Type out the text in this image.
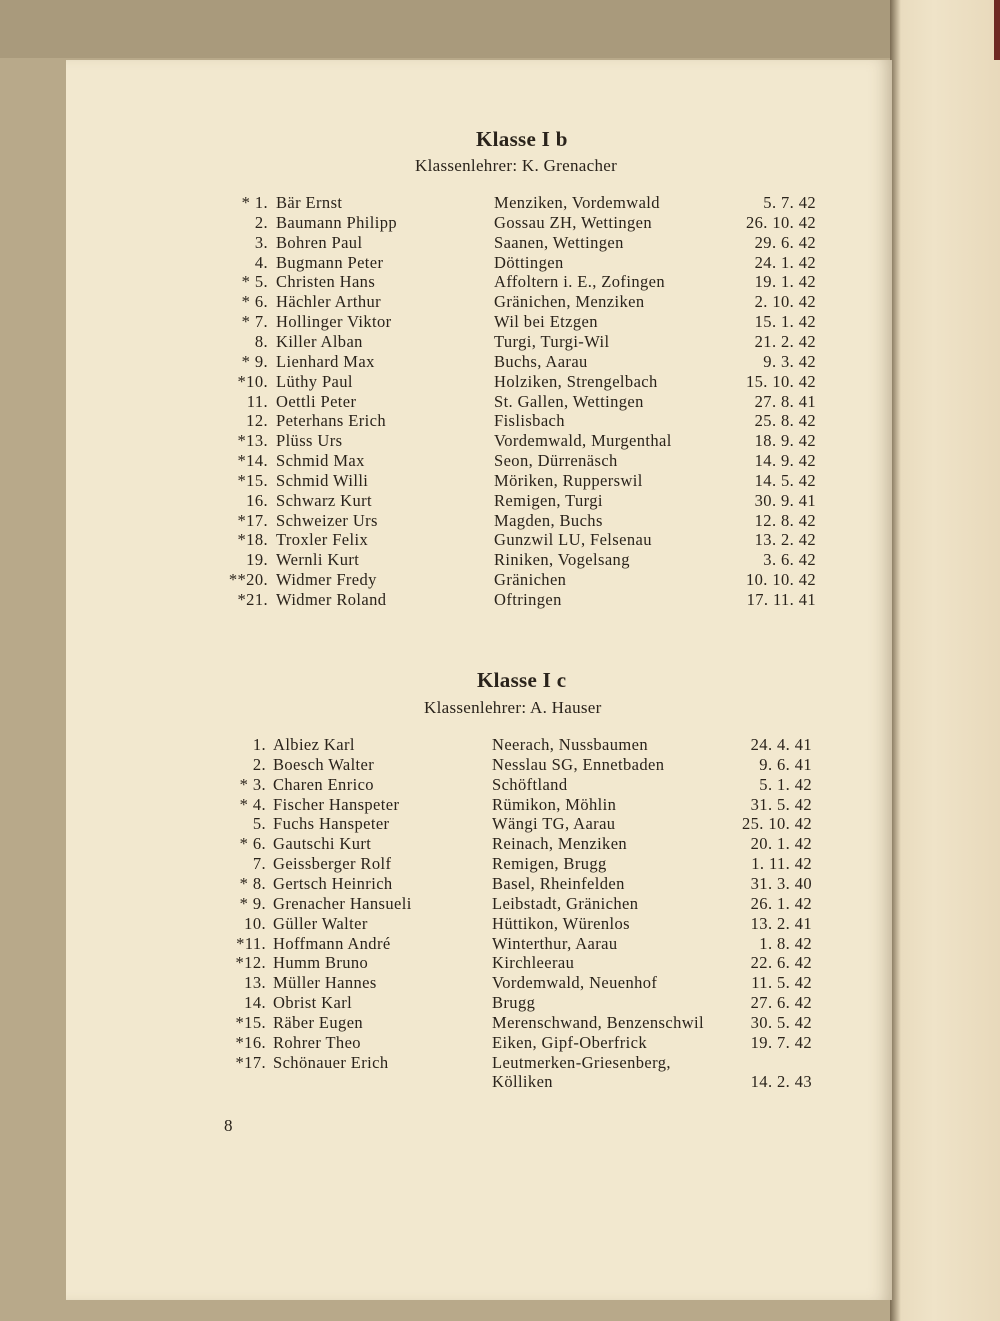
Klasse I b
Klassenlehrer: K. Grenacher
* 1. Bär Ernst	Menziken, Vordemwald	5. 7. 42
2. Baumann Philipp	Gossau ZH, Wettingen	26. 10. 42
3. Bohren Paul	Saanen, Wettingen	29. 6. 42
4. Bugmann Peter	Döttingen	24. 1. 42
* 5. Christen Hans	Affoltern i. E., Zofingen	19. 1. 42
* 6. Hächler Arthur	Gränichen, Menziken	2. 10. 42
* 7. Hollinger Viktor	Wil bei Etzgen	15. 1. 42
8. Killer Alban	Turgi, Turgi-Wil	21. 2. 42
* 9. Lienhard Max	Buchs, Aarau	9. 3. 42
*10. Lüthy Paul	Holziken, Strengelbach	15. 10. 42
11. Oettli Peter	St. Gallen, Wettingen	27. 8. 41
12. Peterhans Erich	Fislisbach	25. 8. 42
*13. Plüss Urs	Vordemwald, Murgenthal	18. 9. 42
*14. Schmid Max	Seon, Dürrenäsch	14. 9. 42
*15. Schmid Willi	Möriken, Rupperswil	14. 5. 42
16. Schwarz Kurt	Remigen, Turgi	30. 9. 41
*17. Schweizer Urs	Magden, Buchs	12. 8. 42
*18. Troxler Felix	Gunzwil LU, Felsenau	13. 2. 42
19. Wernli Kurt	Riniken, Vogelsang	3. 6. 42
**20. Widmer Fredy	Gränichen	10. 10. 42
*21. Widmer Roland	Oftringen	17. 11. 41
Klasse I c
Klassenlehrer: A. Hauser
1. Albiez Karl	Neerach, Nussbaumen	24. 4. 41
2. Boesch Walter	Nesslau SG, Ennetbaden	9. 6. 41
* 3. Charen Enrico	Schöftland	5. 1. 42
* 4. Fischer Hanspeter	Rümikon, Möhlin	31. 5. 42
5. Fuchs Hanspeter	Wängi TG, Aarau	25. 10. 42
* 6. Gautschi Kurt	Reinach, Menziken	20. 1. 42
7. Geissberger Rolf	Remigen, Brugg	1. 11. 42
* 8. Gertsch Heinrich	Basel, Rheinfelden	31. 3. 40
* 9. Grenacher Hansueli	Leibstadt, Gränichen	26. 1. 42
10. Güller Walter	Hüttikon, Würenlos	13. 2. 41
*11. Hoffmann André	Winterthur, Aarau	1. 8. 42
*12. Humm Bruno	Kirchleerau	22. 6. 42
13. Müller Hannes	Vordemwald, Neuenhof	11. 5. 42
14. Obrist Karl	Brugg	27. 6. 42
*15. Räber Eugen	Merenschwand, Benzenschwil	30. 5. 42
*16. Rohrer Theo	Eiken, Gipf-Oberfrick	19. 7. 42
*17. Schönauer Erich	Leutmerken-Griesenberg,
Kölliken	14. 2. 43
8
